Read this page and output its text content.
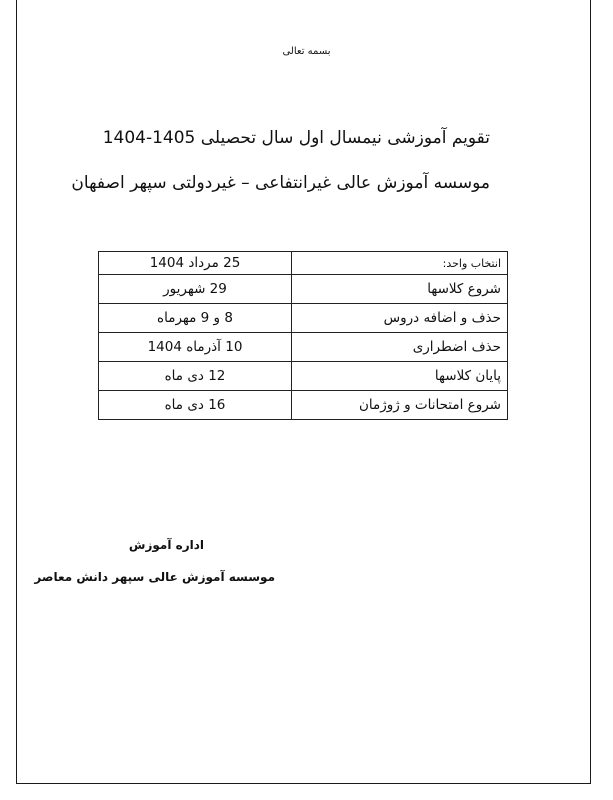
بسمه تعالی
تقویم آموزشی نیمسال اول سال تحصیلی 1405-1404
موسسه آموزش عالی غیرانتفاعی – غیردولتی سپهر اصفهان
انتخاب واحد:	25 مرداد 1404
شروع کلاسها	29 شهریور
حذف و اضافه دروس	8 و 9 مهرماه
حذف اضطراری	10 آذرماه 1404
پایان کلاسها	12 دی ماه
شروع امتحانات و ژوژمان	16 دی ماه
اداره آموزش
موسسه آموزش عالی سپهر دانش معاصر
